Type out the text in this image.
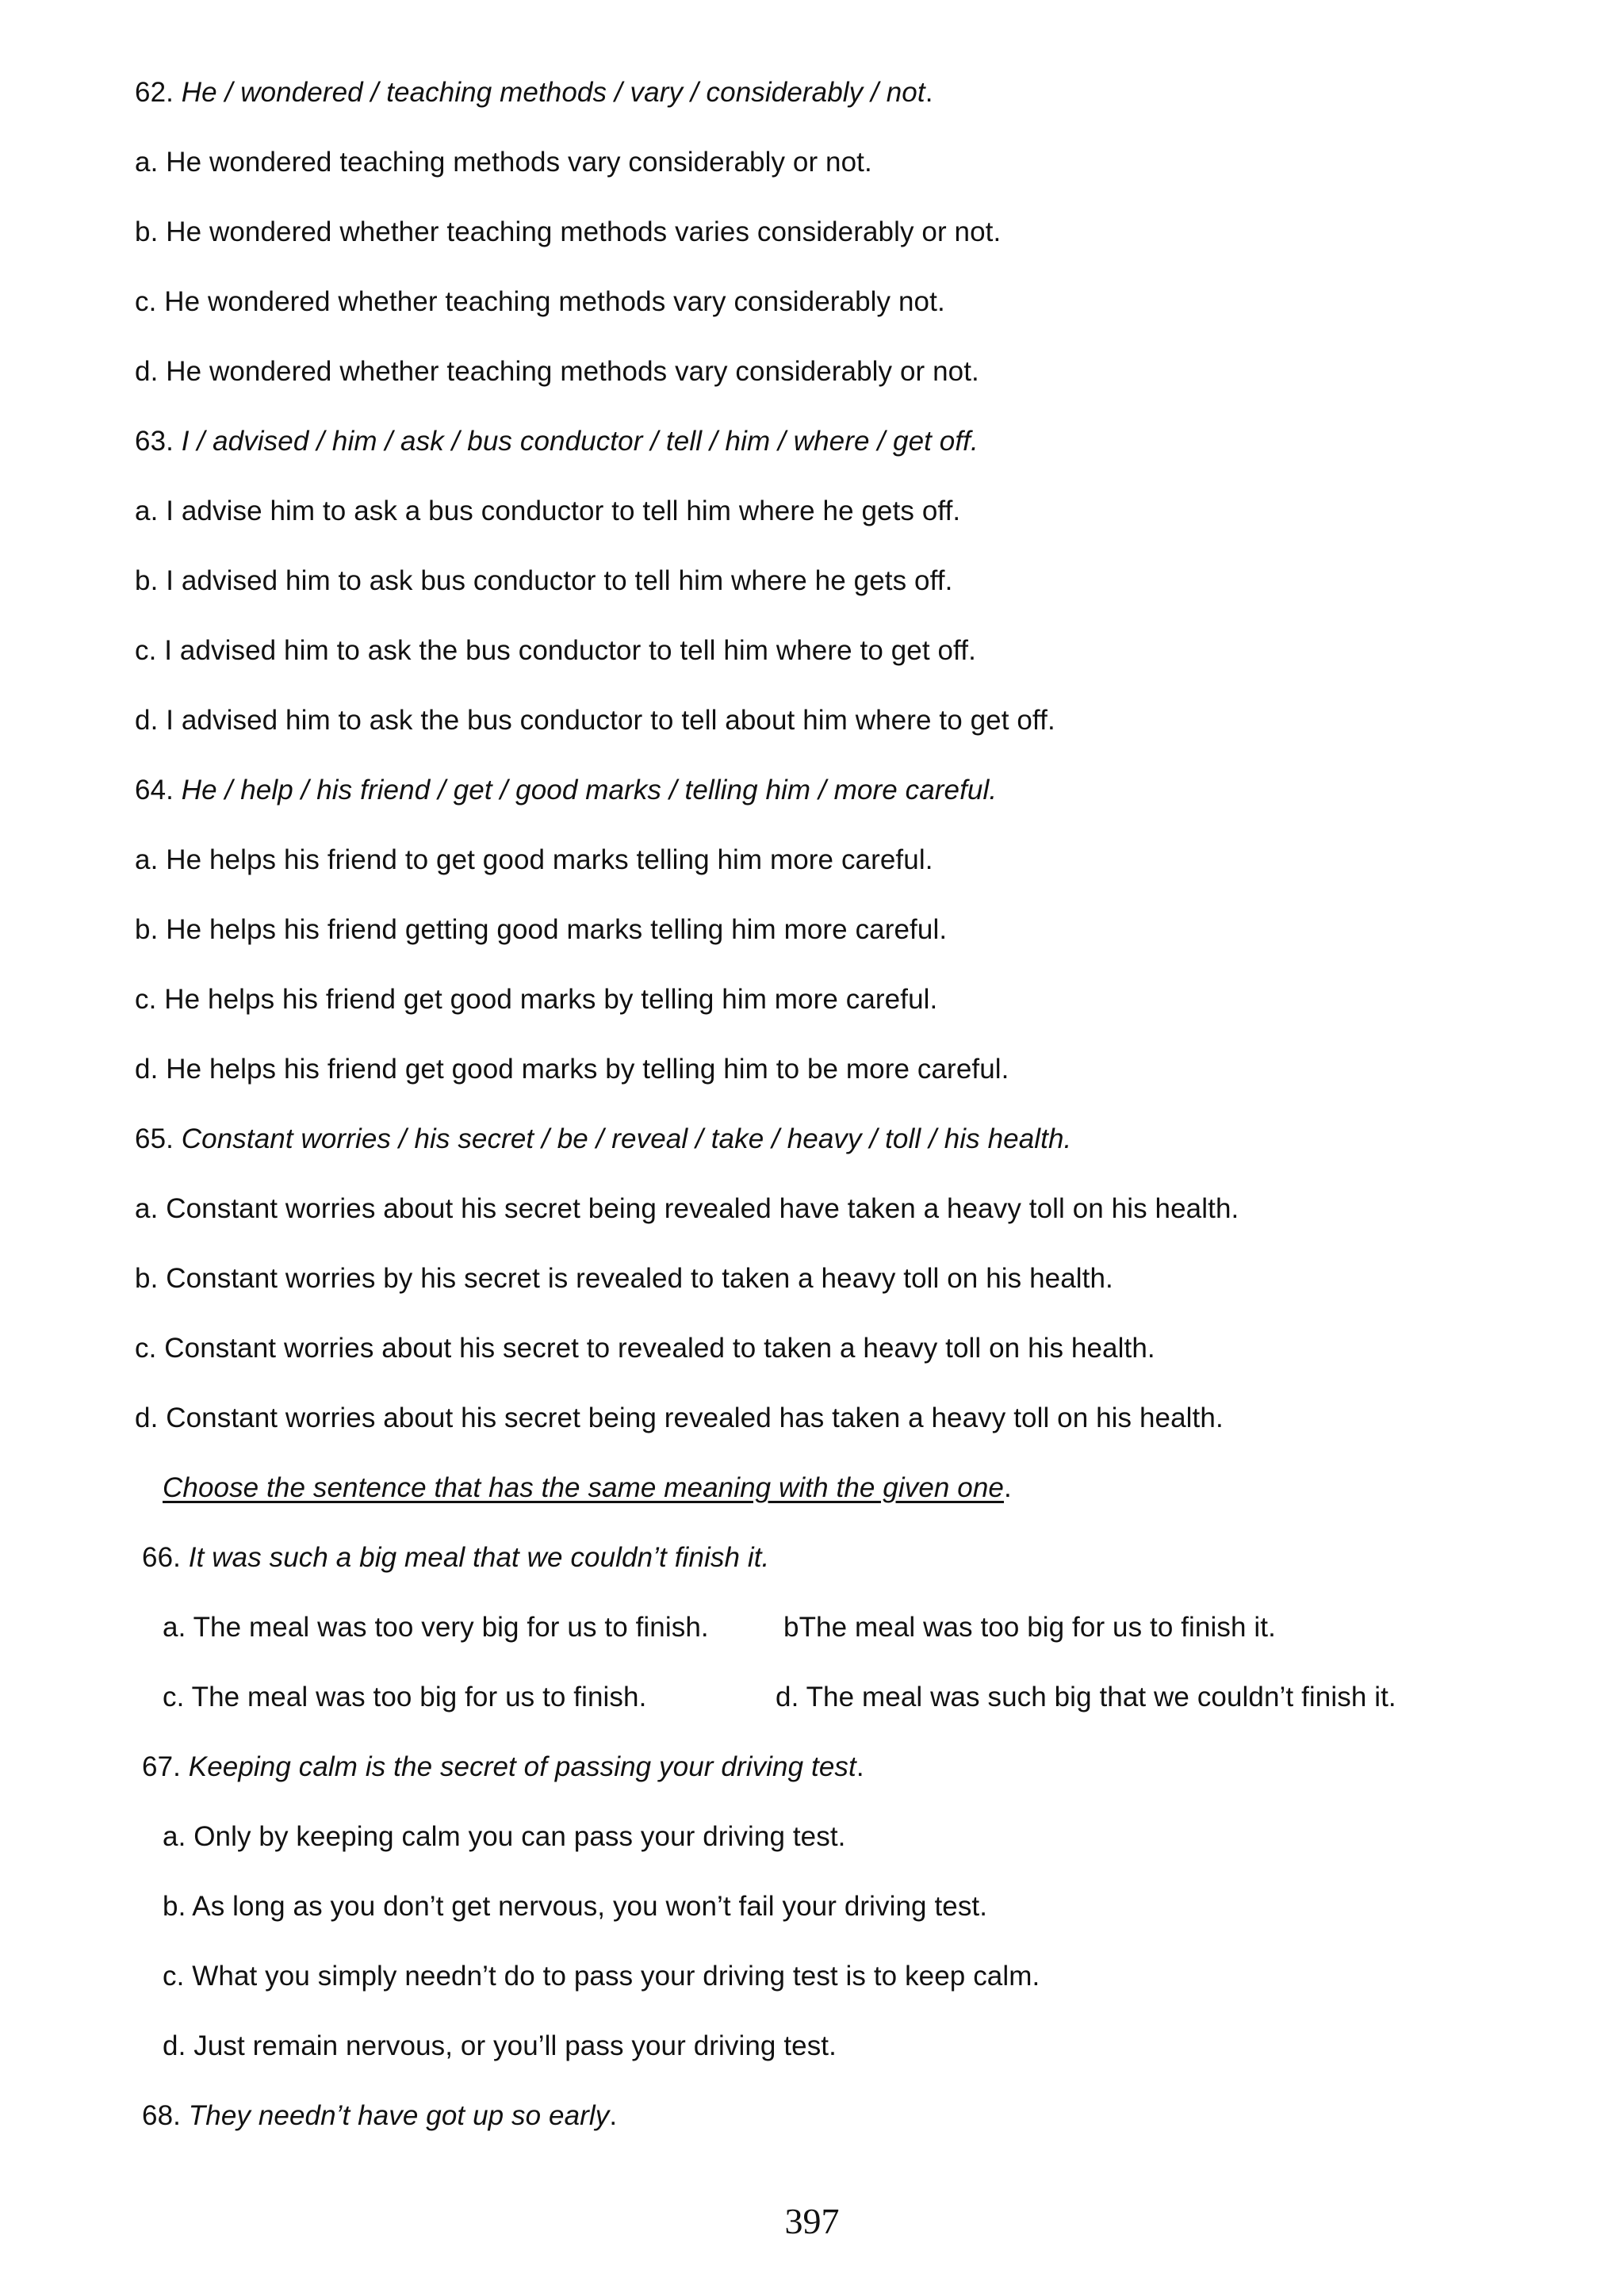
62. He / wondered / teaching methods / vary / considerably / not.
a. He wondered teaching methods vary considerably or not.
b. He wondered whether teaching methods varies considerably or not.
c. He wondered whether teaching methods vary considerably not.
d. He wondered whether teaching methods vary considerably or not.
63. I / advised / him / ask / bus conductor / tell / him / where / get off.
a. I advise him to ask a bus conductor to tell him where he gets off.
b. I advised him to ask bus conductor to tell him where he gets off.
c. I advised him to ask the bus conductor to tell him where to get off.
d. I advised him to ask the bus conductor to tell about him where to get off.
64. He / help / his friend / get / good marks / telling him / more careful.
a. He helps his friend to get good marks telling him more careful.
b. He helps his friend getting good marks telling him more careful.
c. He helps his friend get good marks by telling him more careful.
d. He helps his friend get good marks by telling him to be more careful.
65. Constant worries / his secret / be / reveal / take / heavy / toll / his health.
a. Constant worries about his secret being revealed have taken a heavy toll on his health.
b. Constant worries by his secret is revealed to taken a heavy toll on his health.
c. Constant worries about his secret to revealed to taken a heavy toll on his health.
d. Constant worries about his secret being revealed has taken a heavy toll on his health.
Choose the sentence that has the same meaning with the given one.
66. It was such a big meal that we couldn’t finish it.
a. The meal was too very big for us to finish.	bThe meal was too big for us to finish it.
c. The meal was too big for us to finish.	d. The meal was such big that we couldn’t finish it.
67. Keeping calm is the secret of passing your driving test.
a. Only by keeping calm you can pass your driving test.
b. As long as you don’t get nervous, you won’t fail your driving test.
c. What you simply needn’t do to pass your driving test is to keep calm.
d. Just remain nervous, or you’ll pass your driving test.
68. They needn’t have got up so early.
397
